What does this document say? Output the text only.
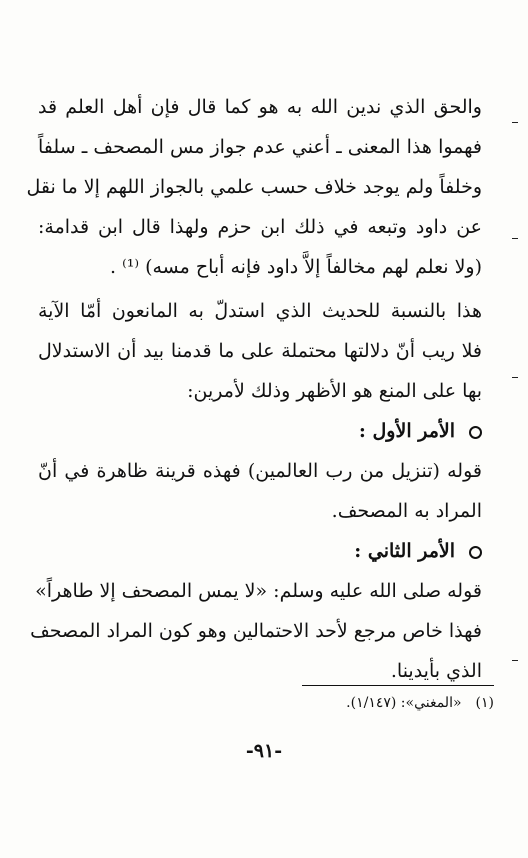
والحق الذي ندين الله به هو كما قال فإن أهل العلم قد
فهموا هذا المعنى ـ أعني عدم جواز مس المصحف ـ سلفاً
وخلفاً ولم يوجد خلاف حسب علمي بالجواز اللهم إلا ما نقل
عن داود وتبعه في ذلك ابن حزم ولهذا قال ابن قدامة:
(ولا نعلم لهم مخالفاً إلاَّ داود فإنه أباح مسه) ⁽¹⁾ .
هذا بالنسبة للحديث الذي استدلّ به المانعون أمّا الآية
فلا ريب أنّ دلالتها محتملة على ما قدمنا بيد أن الاستدلال
بها على المنع هو الأظهر وذلك لأمرين:
الأمر الأول :
قوله (تنزيل من رب العالمين) فهذه قرينة ظاهرة في أنّ
المراد به المصحف.
الأمر الثاني :
قوله صلى الله عليه وسلم: «لا يمس المصحف إلا طاهراً»
فهذا خاص مرجع لأحد الاحتمالين وهو كون المراد المصحف
الذي بأيدينا.
(١)«المغني»: (١/١٤٧).
-٩١-
